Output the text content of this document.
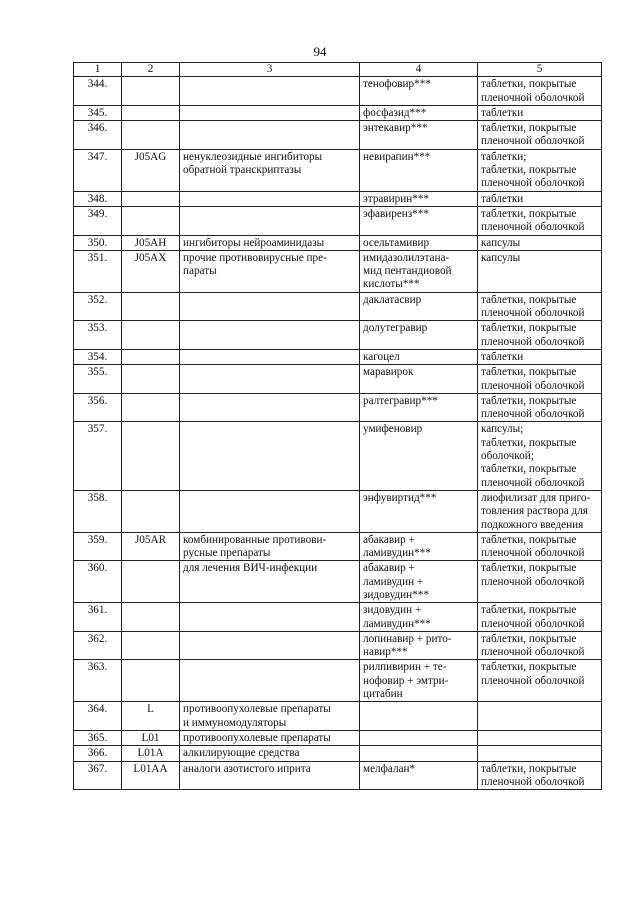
94
1	2	3	4	5
344.			тенофовир***	таблетки, покрытые
пленочной оболочкой
345.			фосфазид***	таблетки
346.			энтекавир***	таблетки, покрытые
пленочной оболочкой
347.	J05AG	ненуклеозидные ингибиторы
обратной транскриптазы	невирапин***	таблетки;
таблетки, покрытые
пленочной оболочкой
348.			этравирин***	таблетки
349.			эфавиренз***	таблетки, покрытые
пленочной оболочкой
350.	J05AH	ингибиторы нейроаминидазы	осельтамивир	капсулы
351.	J05AX	прочие противовирусные пре-
параты	имидазолилэтана-
мид пентандиовой
кислоты***	капсулы
352.			даклатасвир	таблетки, покрытые
пленочной оболочкой
353.			долутегравир	таблетки, покрытые
пленочной оболочкой
354.			кагоцел	таблетки
355.			маравирок	таблетки, покрытые
пленочной оболочкой
356.			ралтегравир***	таблетки, покрытые
пленочной оболочкой
357.			умифеновир	капсулы;
таблетки, покрытые
оболочкой;
таблетки, покрытые
пленочной оболочкой
358.			энфувиртид***	лиофилизат для приго-
товления раствора для
подкожного введения
359.	J05AR	комбинированные противови-
русные препараты	абакавир +
ламивудин***	таблетки, покрытые
пленочной оболочкой
360.		для лечения ВИЧ-инфекции	абакавир +
ламивудин +
зидовудин***	таблетки, покрытые
пленочной оболочкой
361.			зидовудин +
ламивудин***	таблетки, покрытые
пленочной оболочкой
362.			лопинавир + рито-
навир***	таблетки, покрытые
пленочной оболочкой
363.			рилпивирин + те-
нофовир + эмтри-
цитабин	таблетки, покрытые
пленочной оболочкой
364.	L	противоопухолевые препараты
и иммуномодуляторы		
365.	L01	противоопухолевые препараты		
366.	L01A	алкилирующие средства		
367.	L01AA	аналоги азотистого иприта	мелфалан*	таблетки, покрытые
пленочной оболочкой
